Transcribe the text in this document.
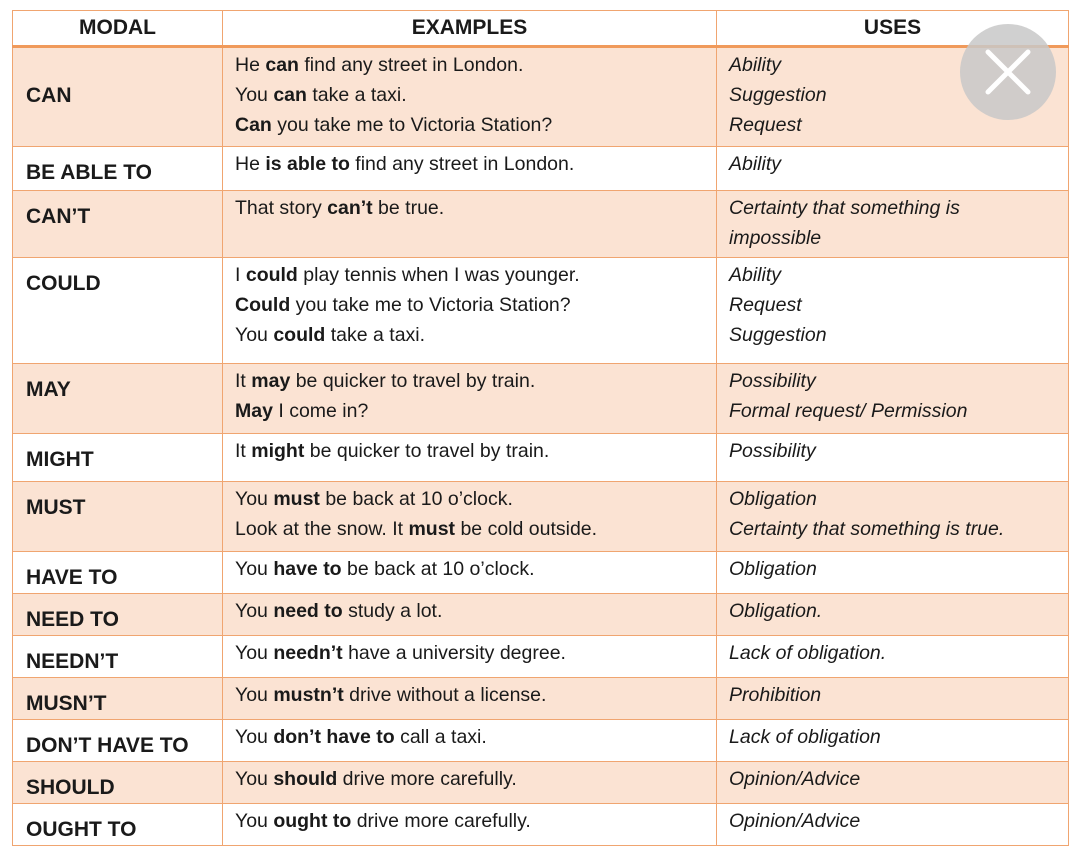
MODAL	EXAMPLES	USES

CAN	He can find any street in London.
You can take a taxi.
Can you take me to Victoria Station?	Ability
Suggestion
Request

BE ABLE TO	He is able to find any street in London.	Ability

CAN’T	That story can’t be true.	Certainty that something is
impossible

COULD	I could play tennis when I was younger.
Could you take me to Victoria Station?
You could take a taxi.	Ability
Request
Suggestion

MAY	It may be quicker to travel by train.
May I come in?	Possibility
Formal request/ Permission

MIGHT	It might be quicker to travel by train.	Possibility

MUST	You must be back at 10 o’clock.
Look at the snow. It must be cold outside.	Obligation
Certainty that something is true.

HAVE TO	You have to be back at 10 o’clock.	Obligation

NEED TO	You need to study a lot.	Obligation.

NEEDN’T	You needn’t have a university degree.	Lack of obligation.

MUSN’T	You mustn’t drive without a license.	Prohibition

DON’T HAVE TO	You don’t have to call a taxi.	Lack of obligation

SHOULD	You should drive more carefully.	Opinion/Advice

OUGHT TO	You ought to drive more carefully.	Opinion/Advice
